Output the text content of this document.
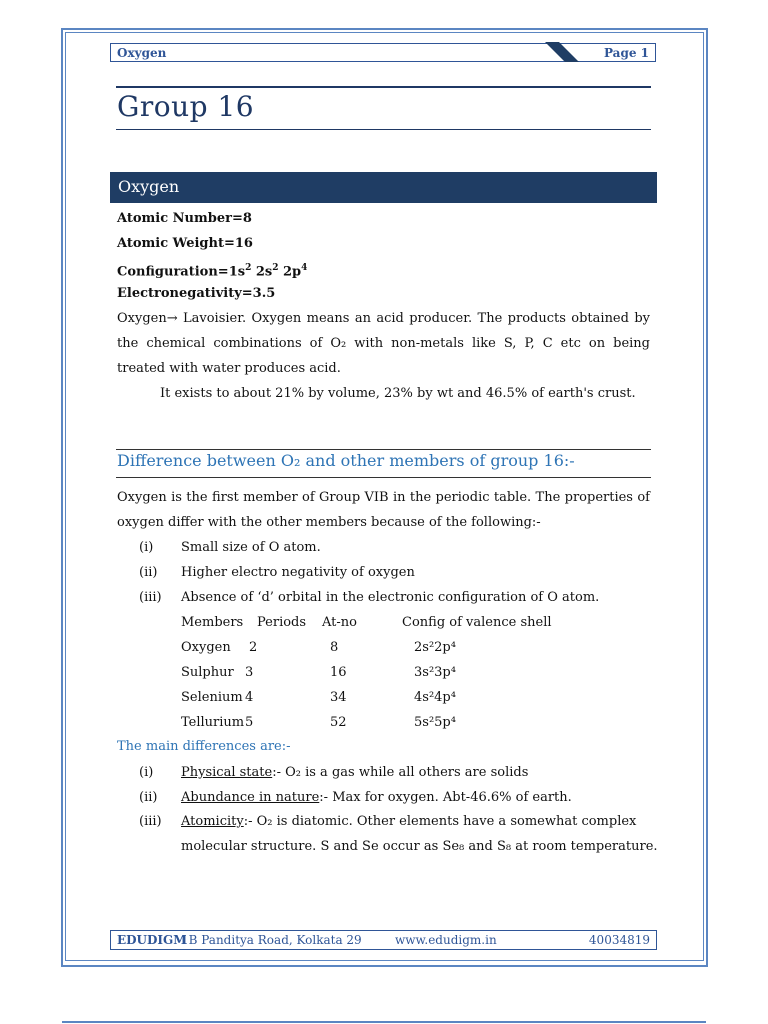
Oxygen	Page 1
Group 16
Oxygen
Atomic Number=8
Atomic Weight=16
$Configuration=1s^2$ $2s^2$ $2p^4$
Electronegativity=3.5
Oxygen→ Lavoisier. Oxygen means an acid producer. The products obtained by the chemical combinations of O₂ with non-metals like S, P, C etc on being treated with water produces acid.
It exists to about 21% by volume, 23% by wt and 46.5% of earth's crust.
Difference between O₂ and other members of group 16:-
Oxygen is the first member of Group VIB in the periodic table. The properties of oxygen differ with the other members because of the following:-
(i) Small size of O atom.
(ii) Higher electro negativity of oxygen
(iii) Absence of ‘d’ orbital in the electronic configuration of O atom.
Members Periods At-no	Config of valence shell
Oxygen 2	8	2s²2p⁴
Sulphur 3	16	3s²3p⁴
Selenium 4	34	4s²4p⁴
Tellurium 5	52	5s²5p⁴
The main differences are:-
(i) Physical state:- O₂ is a gas while all others are solids
(ii) Abundance in nature:- Max for oxygen. Abt-46.6% of earth.
(iii) Atomicity:- O₂ is diatomic. Other elements have a somewhat complex
molecular structure. S and Se occur as Se₈ and S₈ at room temperature.
EDUDIGM
1B Panditya Road, Kolkata 29	www.edudigm.in	40034819
